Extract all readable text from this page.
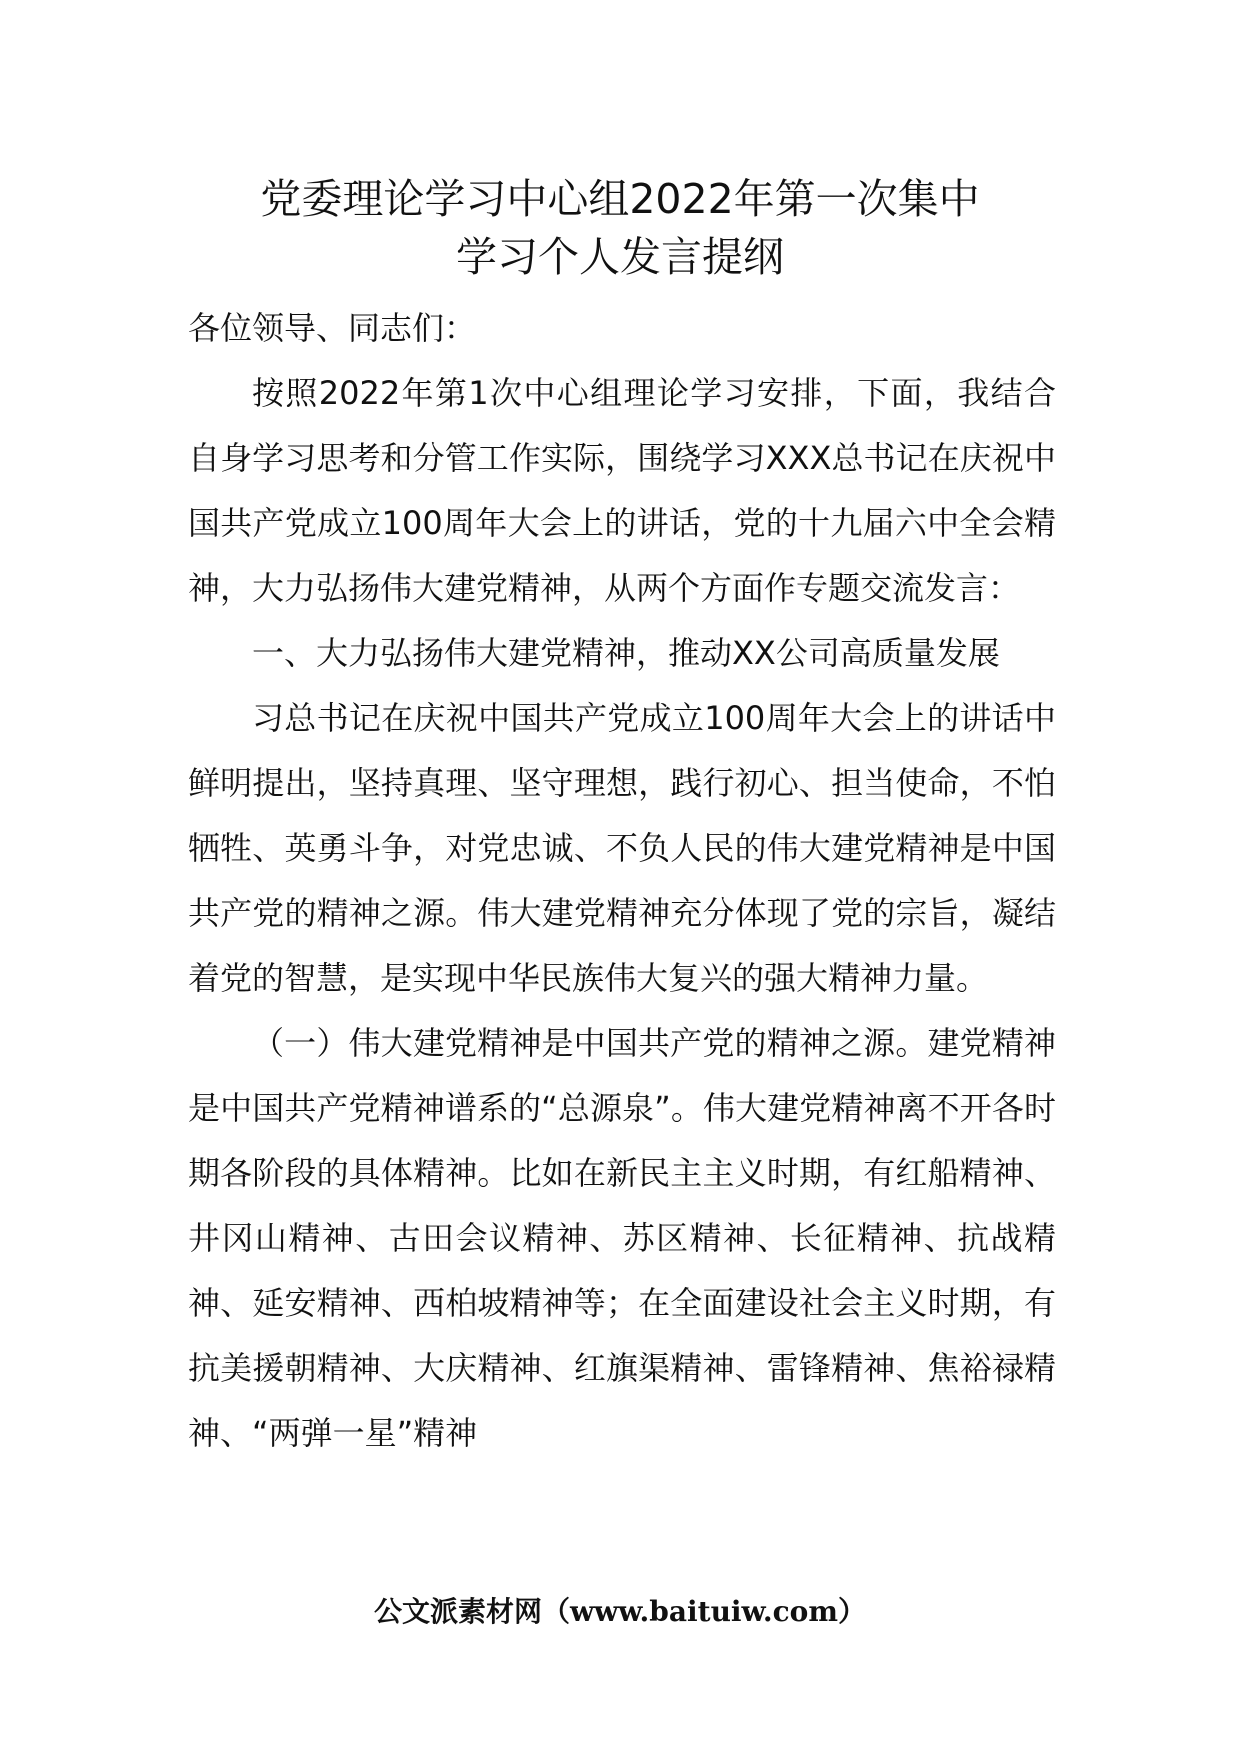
党委理论学习中心组2022年第一次集中
学习个人发言提纲

各位领导、同志们：

按照2022年第1次中心组理论学习安排，下面，我结合自身学习思考和分管工作实际，围绕学习XXX总书记在庆祝中国共产党成立100周年大会上的讲话，党的十九届六中全会精神，大力弘扬伟大建党精神，从两个方面作专题交流发言：

一、大力弘扬伟大建党精神，推动XX公司高质量发展

习总书记在庆祝中国共产党成立100周年大会上的讲话中鲜明提出，坚持真理、坚守理想，践行初心、担当使命，不怕牺牲、英勇斗争，对党忠诚、不负人民的伟大建党精神是中国共产党的精神之源。伟大建党精神充分体现了党的宗旨，凝结着党的智慧，是实现中华民族伟大复兴的强大精神力量。

（一）伟大建党精神是中国共产党的精神之源。建党精神是中国共产党精神谱系的“总源泉”。伟大建党精神离不开各时期各阶段的具体精神。比如在新民主主义时期，有红船精神、井冈山精神、古田会议精神、苏区精神、长征精神、抗战精神、延安精神、西柏坡精神等；在全面建设社会主义时期，有抗美援朝精神、大庆精神、红旗渠精神、雷锋精神、焦裕禄精神、“两弹一星”精神

公文派素材网（www.baituiw.com）
